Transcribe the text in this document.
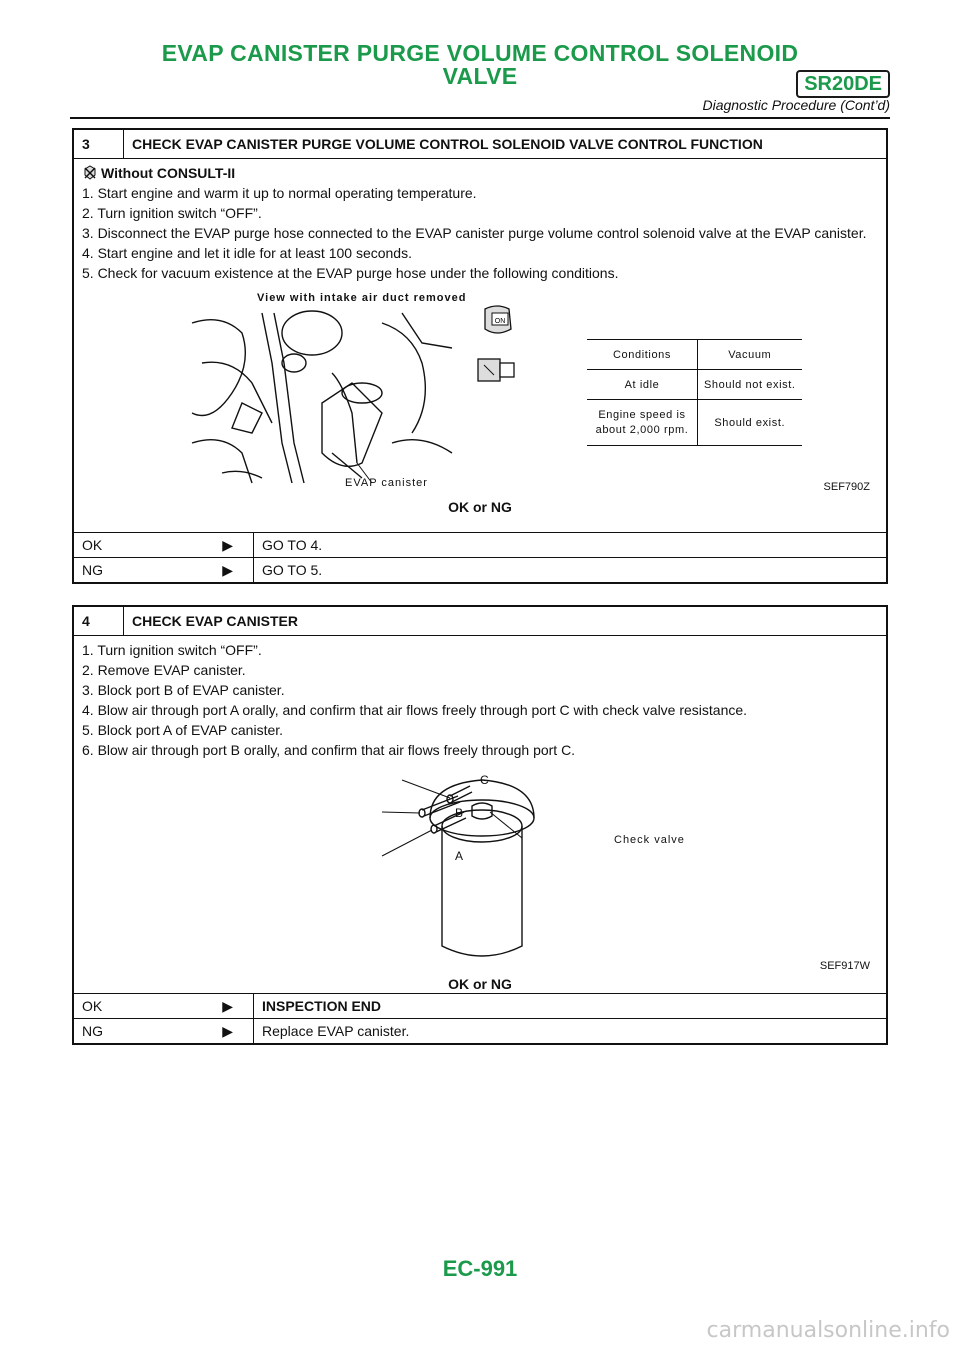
EVAP CANISTER PURGE VOLUME CONTROL SOLENOID
VALVE	SR20DE
Diagnostic Procedure (Cont’d)
3	CHECK EVAP CANISTER PURGE VOLUME CONTROL SOLENOID VALVE CONTROL FUNCTION
Without CONSULT-II
1. Start engine and warm it up to normal operating temperature.
2. Turn ignition switch “OFF”.
3. Disconnect the EVAP purge hose connected to the EVAP canister purge volume control solenoid valve at the EVAP canister.
4. Start engine and let it idle for at least 100 seconds.
5. Check for vacuum existence at the EVAP purge hose under the following conditions.
View with intake air duct removed
EVAP canister
ON
Conditions	Vacuum
At idle	Should not exist.
Engine speed is about 2,000 rpm.	Should exist.
SEF790Z
OK or NG
OK	▶	GO TO 4.
NG	▶	GO TO 5.
4	CHECK EVAP CANISTER
1. Turn ignition switch “OFF”.
2. Remove EVAP canister.
3. Block port B of EVAP canister.
4. Blow air through port A orally, and confirm that air flows freely through port C with check valve resistance.
5. Block port A of EVAP canister.
6. Blow air through port B orally, and confirm that air flows freely through port C.
C
B
A
Check valve
SEF917W
OK or NG
OK	▶	INSPECTION END
NG	▶	Replace EVAP canister.
EC-991
carmanualsonline.info
